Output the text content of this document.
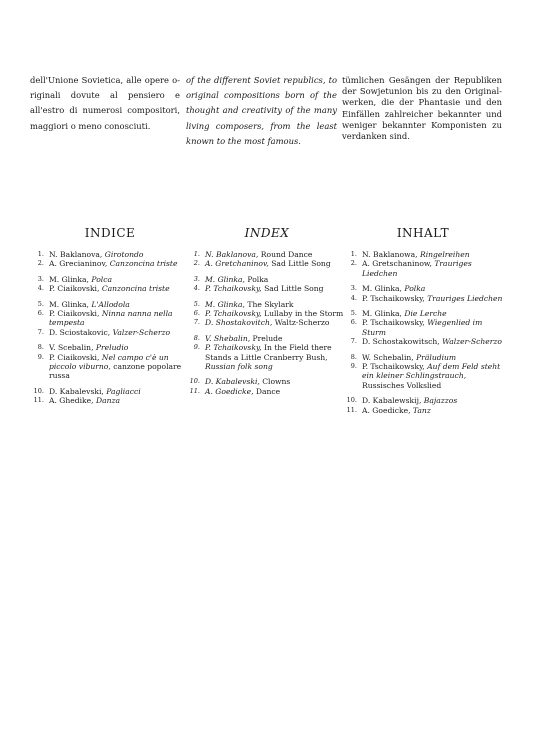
dell'Unione Sovietica, alle opere o-riginali dovute al pensiero e all'estro di numerosi compositori, maggiori o meno conosciuti.

of the different Soviet republics, to original compositions born of the thought and creativity of the many living composers, from the least known to the most famous.

tümlichen Gesängen der Republiken der Sowjetunion bis zu den Original-werken, die der Phantasie und den Einfällen zahlreicher bekannter und weniger bekannter Komponisten zu verdanken sind.

INDICE
1. N. Baklanova, Girotondo
2. A. Grecianinov, Canzoncina triste
3. M. Glinka, Polca
4. P. Ciaikovski, Canzoncina triste
5. M. Glinka, L'Allodola
6. P. Ciaikovski, Ninna nanna nella tempesta
7. D. Sciostakovic, Valzer-Scherzo
8. V. Scebalin, Preludio
9. P. Ciaikovski, Nel campo c'è un piccolo viburno, canzone popolare russa
10. D. Kabalevski, Pagliacci
11. A. Ghedike, Danza
INDEX
1. N. Baklanova, Round Dance
2. A. Gretchaninov, Sad Little Song
3. M. Glinka, Polka
4. P. Tchaikovsky, Sad Little Song
5. M. Glinka, The Skylark
6. P. Tchaikovsky, Lullaby in the Storm
7. D. Shostakovitch, Waltz-Scherzo
8. V. Shebalin, Prelude
9. P. Tchaikovsky, In the Field there Stands a Little Cranberry Bush, Russian folk song
10. D. Kabalevski, Clowns
11. A. Goedicke, Dance
INHALT
1. N. Baklanowa, Ringelreihen
2. A. Gretschaninow, Trauriges Liedchen
3. M. Glinka, Polka
4. P. Tschaikowsky, Trauriges Liedchen
5. M. Glinka, Die Lerche
6. P. Tschaikowsky, Wiegenlied im Sturm
7. D. Schostakowitsch, Walzer-Scherzo
8. W. Schebalin, Präludium
9. P. Tschaikowsky, Auf dem Feld steht ein kleiner Schlingstrauch, Russisches Volkslied
10. D. Kabalewskij, Bajazzos
11. A. Goedicke, Tanz
